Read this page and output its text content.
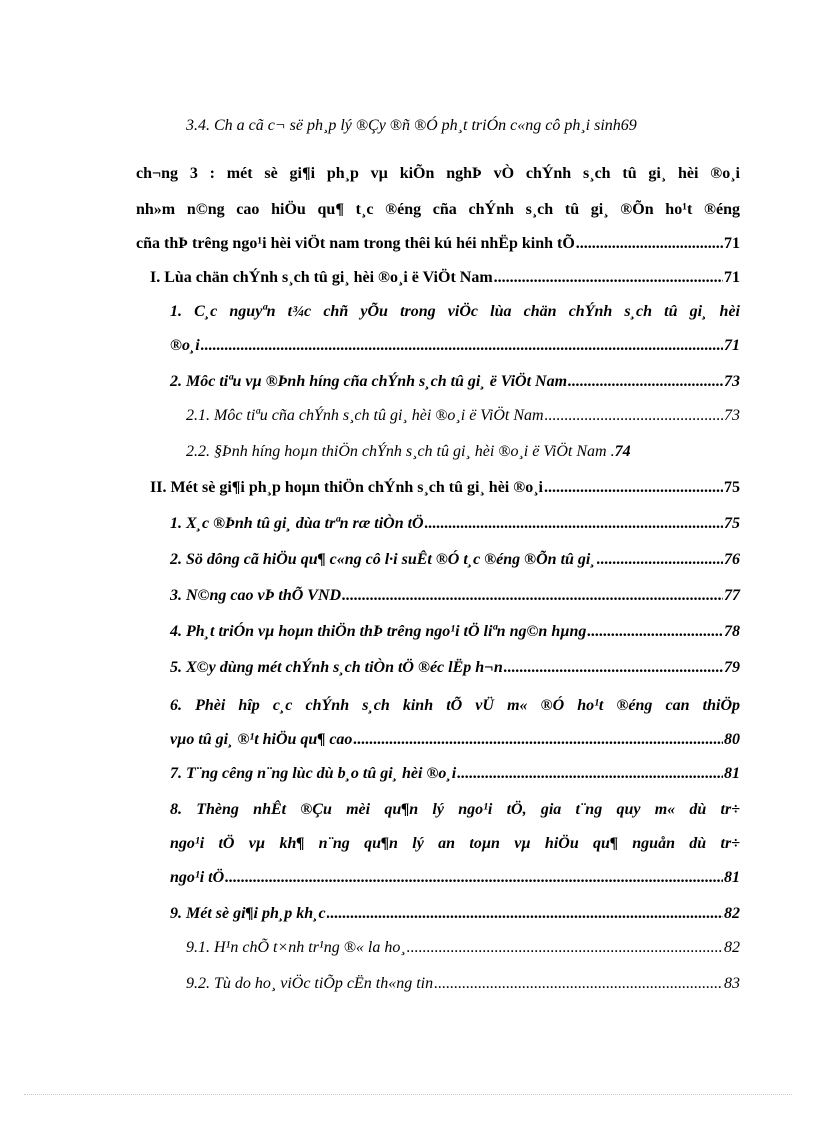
3.4. Ch a cã c¬ së ph¸p lý ®Çy ®ñ ®Ó ph¸t triÓn c«ng cô ph¸i sinh69
ch¬ng 3 : mét sè gi¶i ph¸p vµ kiÕn nghÞ vÒ chÝnh s¸ch tû gi¸ hèi ®o¸i
nh»m n©ng cao hiÖu qu¶ t¸c ®éng cña chÝnh s¸ch tû gi¸ ®Õn ho¹t ®éng
cña thÞ trêng ngo¹i hèi viÖt nam trong thêi kú héi nhËp kinh tÕ .....	71
I. Lùa chän chÝnh s¸ch tû gi¸ hèi ®o¸i ë ViÖt Nam .....	71
1. C¸c nguyªn t¾c chñ yÕu trong viÖc lùa chän chÝnh s¸ch tû gi¸ hèi
®o¸i .....	71
2. Môc tiªu vµ ®Þnh híng cña chÝnh s¸ch tû gi¸ ë ViÖt Nam .....	73
2.1. Môc tiªu cña chÝnh s¸ch tû gi¸ hèi ®o¸i ë ViÖt Nam .....	73
2.2. §Þnh híng hoµn thiÖn chÝnh s¸ch tû gi¸ hèi ®o¸i ë ViÖt Nam . 74
II. Mét sè gi¶i ph¸p hoµn thiÖn chÝnh s¸ch tû gi¸ hèi ®o¸i .....	75
1. X¸c ®Þnh tû gi¸ dùa trªn ræ tiÒn tÖ .....	75
2. Sö dông cã hiÖu qu¶ c«ng cô l·i suÊt ®Ó t¸c ®éng ®Õn tû gi¸ .....	76
3. N©ng cao vÞ thÕ VND .....	77
4. Ph¸t triÓn vµ hoµn thiÖn thÞ trêng ngo¹i tÖ liªn ng©n hµng .....	78
5. X©y dùng mét chÝnh s¸ch tiÒn tÖ ®éc lËp h¬n .....	79
6. Phèi hîp c¸c chÝnh s¸ch kinh tÕ vÜ m« ®Ó ho¹t ®éng can thiÖp
vµo tû gi¸ ®¹t hiÖu qu¶ cao .....	80
7. T¨ng cêng n¨ng lùc dù b¸o tû gi¸ hèi ®o¸i .....	81
8. Thèng nhÊt ®Çu mèi qu¶n lý ngo¹i tÖ, gia t¨ng quy m« dù tr÷
ngo¹i tÖ vµ kh¶ n¨ng qu¶n lý an toµn vµ hiÖu qu¶ nguån dù tr÷
ngo¹i tÖ .....	81
9. Mét sè gi¶i ph¸p kh¸c .....	82
9.1. H¹n chÕ t×nh tr¹ng ®« la ho¸ .....	82
9.2. Tù do ho¸ viÖc tiÕp cËn th«ng tin .....	83
